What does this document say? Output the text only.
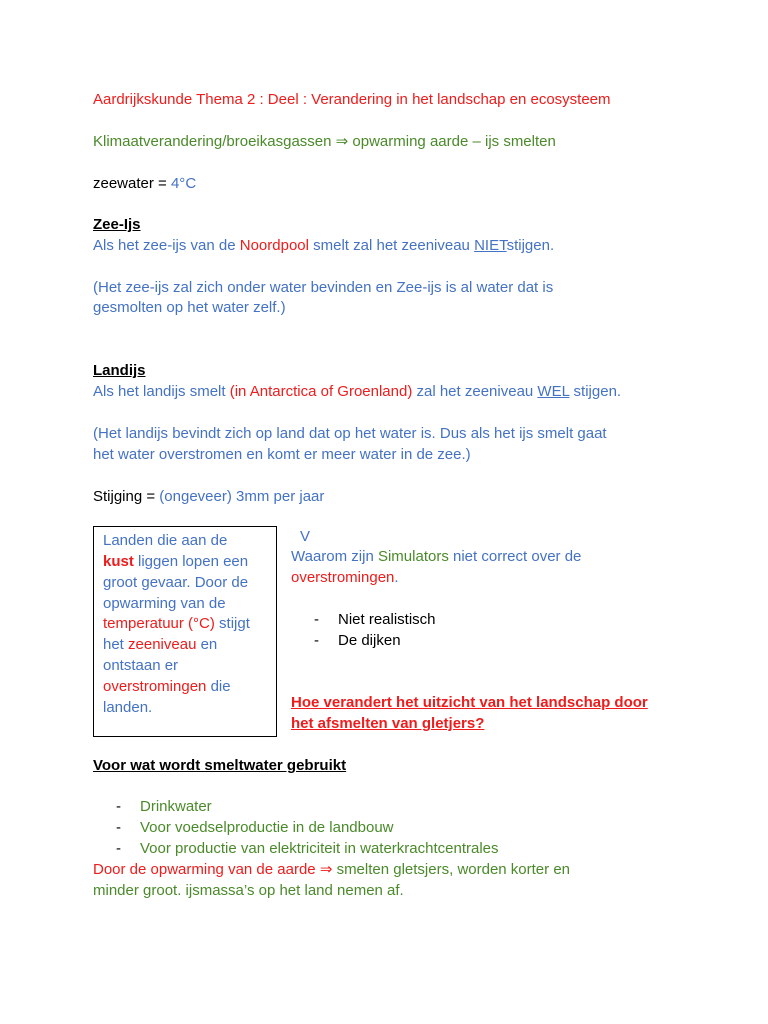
Aardrijkskunde Thema 2 : Deel : Verandering in het landschap en ecosysteem
Klimaatverandering/broeikasgassen ⇒ opwarming aarde – ijs smelten
zeewater = 4°C
Zee-Ijs
Als het zee-ijs van de Noordpool smelt zal het zeeniveau NIETstijgen.
(Het zee-ijs zal zich onder water bevinden en Zee-ijs is al water dat is
gesmolten op het water zelf.)
Landijs
Als het landijs smelt (in Antarctica of Groenland) zal het zeeniveau WEL stijgen.
(Het landijs bevindt zich op land dat op het water is. Dus als het ijs smelt gaat
het water overstromen en komt er meer water in de zee.)
Stijging = (ongeveer) 3mm per jaar
Landen die aan de
kust liggen lopen een
groot gevaar. Door de
opwarming van de
temperatuur (°C) stijgt
het zeeniveau en
ontstaan er
overstromingen die
landen.
V
Waarom zijn Simulators niet correct over de
overstromingen.
- Niet realistisch
- De dijken
Hoe verandert het uitzicht van het landschap door
het afsmelten van gletjers?
Voor wat wordt smeltwater gebruikt
- Drinkwater
- Voor voedselproductie in de landbouw
- Voor productie van elektriciteit in waterkrachtcentrales
Door de opwarming van de aarde ⇒ smelten gletsjers, worden korter en
minder groot. ijsmassa’s op het land nemen af.
